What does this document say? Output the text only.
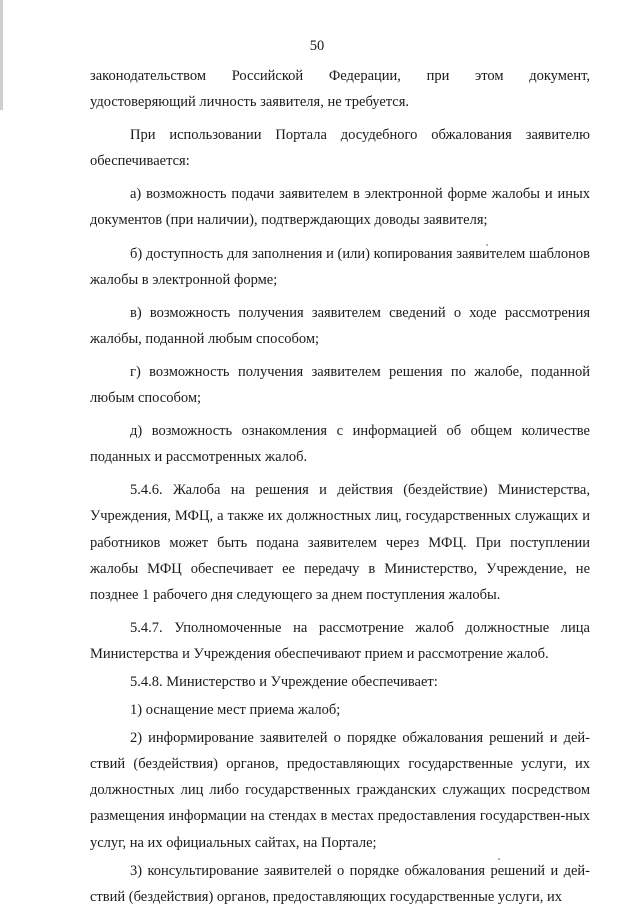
50
законодательством Российской Федерации, при этом документ,
удостоверяющий личность заявителя, не требуется.

При использовании Портала досудебного обжалования заявителю обеспечивается:

а) возможность подачи заявителем в электронной форме жалобы и иных документов (при наличии), подтверждающих доводы заявителя;

б) доступность для заполнения и (или) копирования заявителем шаблонов жалобы в электронной форме;

в) возможность получения заявителем сведений о ходе рассмотрения жалобы, поданной любым способом;

г) возможность получения заявителем решения по жалобе, поданной любым способом;

д) возможность ознакомления с информацией об общем количестве поданных и рассмотренных жалоб.

5.4.6. Жалоба на решения и действия (бездействие) Министерства, Учреждения, МФЦ, а также их должностных лиц, государственных служащих и работников может быть подана заявителем через МФЦ. При поступлении жалобы МФЦ обеспечивает ее передачу в Министерство, Учреждение, не позднее 1 рабочего дня следующего за днем поступления жалобы.

5.4.7. Уполномоченные на рассмотрение жалоб должностные лица Министерства и Учреждения обеспечивают прием и рассмотрение жалоб.

5.4.8. Министерство и Учреждение обеспечивает:

1) оснащение мест приема жалоб;

2) информирование заявителей о порядке обжалования решений и дей-ствий (бездействия) органов, предоставляющих государственные услуги, их должностных лиц либо государственных гражданских служащих посредством размещения информации на стендах в местах предоставления государствен-ных услуг, на их официальных сайтах, на Портале;

3) консультирование заявителей о порядке обжалования решений и дей-ствий (бездействия) органов, предоставляющих государственные услуги, их
